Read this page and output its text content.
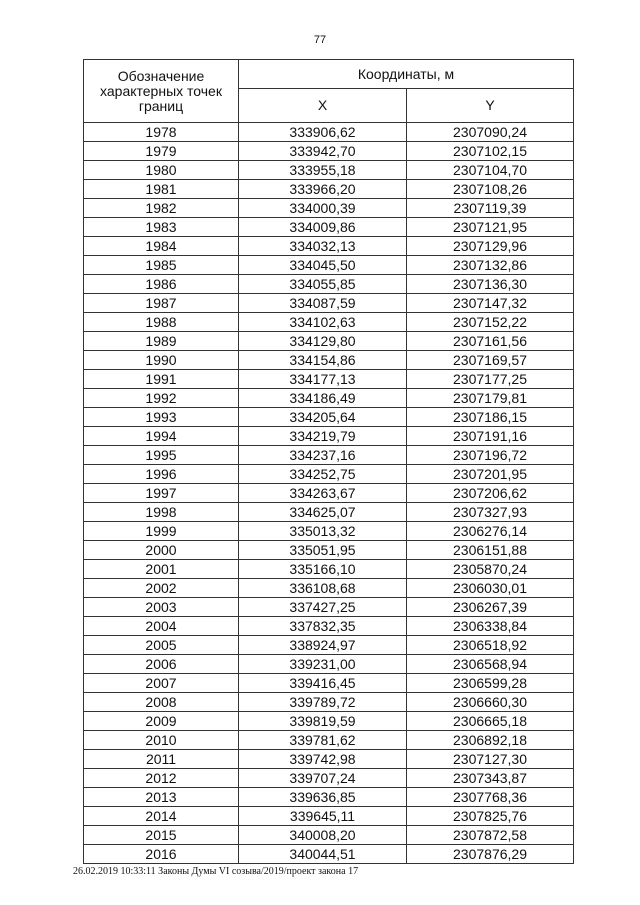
77
Обозначение характерных точек границ	Координаты, м	
	X	Y
1978	333906,62	2307090,24
1979	333942,70	2307102,15
1980	333955,18	2307104,70
1981	333966,20	2307108,26
1982	334000,39	2307119,39
1983	334009,86	2307121,95
1984	334032,13	2307129,96
1985	334045,50	2307132,86
1986	334055,85	2307136,30
1987	334087,59	2307147,32
1988	334102,63	2307152,22
1989	334129,80	2307161,56
1990	334154,86	2307169,57
1991	334177,13	2307177,25
1992	334186,49	2307179,81
1993	334205,64	2307186,15
1994	334219,79	2307191,16
1995	334237,16	2307196,72
1996	334252,75	2307201,95
1997	334263,67	2307206,62
1998	334625,07	2307327,93
1999	335013,32	2306276,14
2000	335051,95	2306151,88
2001	335166,10	2305870,24
2002	336108,68	2306030,01
2003	337427,25	2306267,39
2004	337832,35	2306338,84
2005	338924,97	2306518,92
2006	339231,00	2306568,94
2007	339416,45	2306599,28
2008	339789,72	2306660,30
2009	339819,59	2306665,18
2010	339781,62	2306892,18
2011	339742,98	2307127,30
2012	339707,24	2307343,87
2013	339636,85	2307768,36
2014	339645,11	2307825,76
2015	340008,20	2307872,58
2016	340044,51	2307876,29
26.02.2019 10:33:11 Законы Думы VI созыва/2019/проект закона 17
